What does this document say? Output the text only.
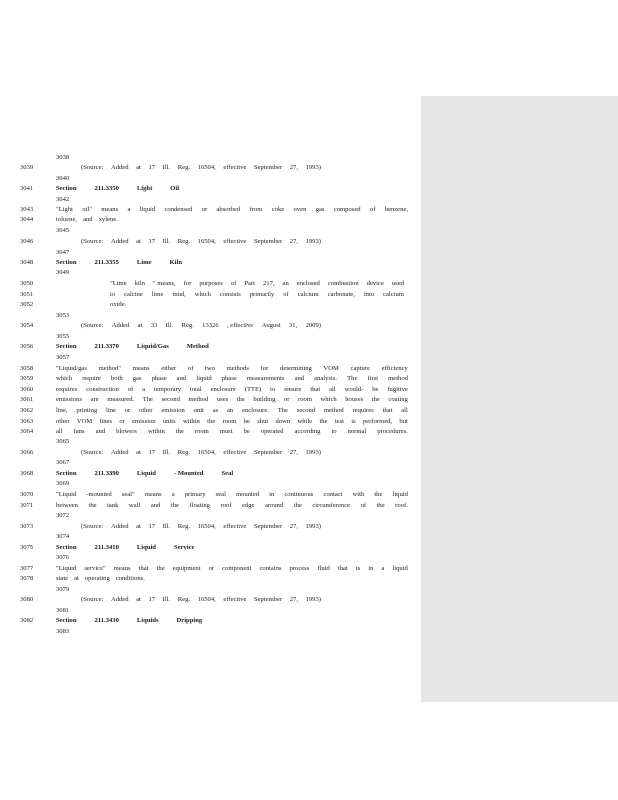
3038
3039	(Source: Added at 17 Ill. Reg. 16504, effective September 27, 1993)
3040
3041	Section	211.3350	Light	Oil
3042
3043	"Light oil" means a liquid condensed or absorbed from coke oven gas composed of benzene,
3044	toluene, and xylene.
3045
3046	(Source: Added at 17 Ill. Reg. 16504, effective September 27, 1993)
3047
3048	Section	211.3355	Lime	Kiln
3049
3050	"Lime kiln " means, for purposes of Part 217, an enclosed combustion device used
3051	to calcine lime mud, which consists primarily of calcium carbonate, into calcium
3052	oxide.
3053
3054	(Source: Added at 33 Ill. Reg. 13326 , effective August 31, 2009)
3055
3056	Section	211.3370	Liquid/Gas	Method
3057
3058	"Liquid/gas method" means either of two methods for determining VOM capture efficiency
3059	which require both gas phase and liquid phase measurements and analysis. The first method
3060	requires construction of a temporary total enclosure (TTE) to ensure that all would- be fugitive
3061	emissions are measured. The second method uses the building or room which houses the coating
3062	line, printing line or other emission unit as an enclosure. The second method requires that all
3063	other VOM lines or emission units within the room be shut down while the test is performed, but
3064	all fans and blowers within the room must be operated according to normal procedures.
3065
3066	(Source: Added at 17 Ill. Reg. 16504, effective September 27, 1993)
3067
3068	Section	211.3390	Liquid	- Mounted	Seal
3069
3070	"Liquid -mounted seal" means a primary seal mounted in continuous contact with the liquid
3071	between the tank wall and the floating roof edge around the circumference of the roof.
3072
3073	(Source: Added at 17 Ill. Reg. 16504, effective September 27, 1993)
3074
3075	Section	211.3410	Liquid	Service
3076
3077	"Liquid service" means that the equipment or component contains process fluid that is in a liquid
3078	state at operating conditions.
3079
3080	(Source: Added at 17 Ill. Reg. 16504, effective September 27, 1993)
3081
3082	Section	211.3430	Liquids	Dripping
3083
